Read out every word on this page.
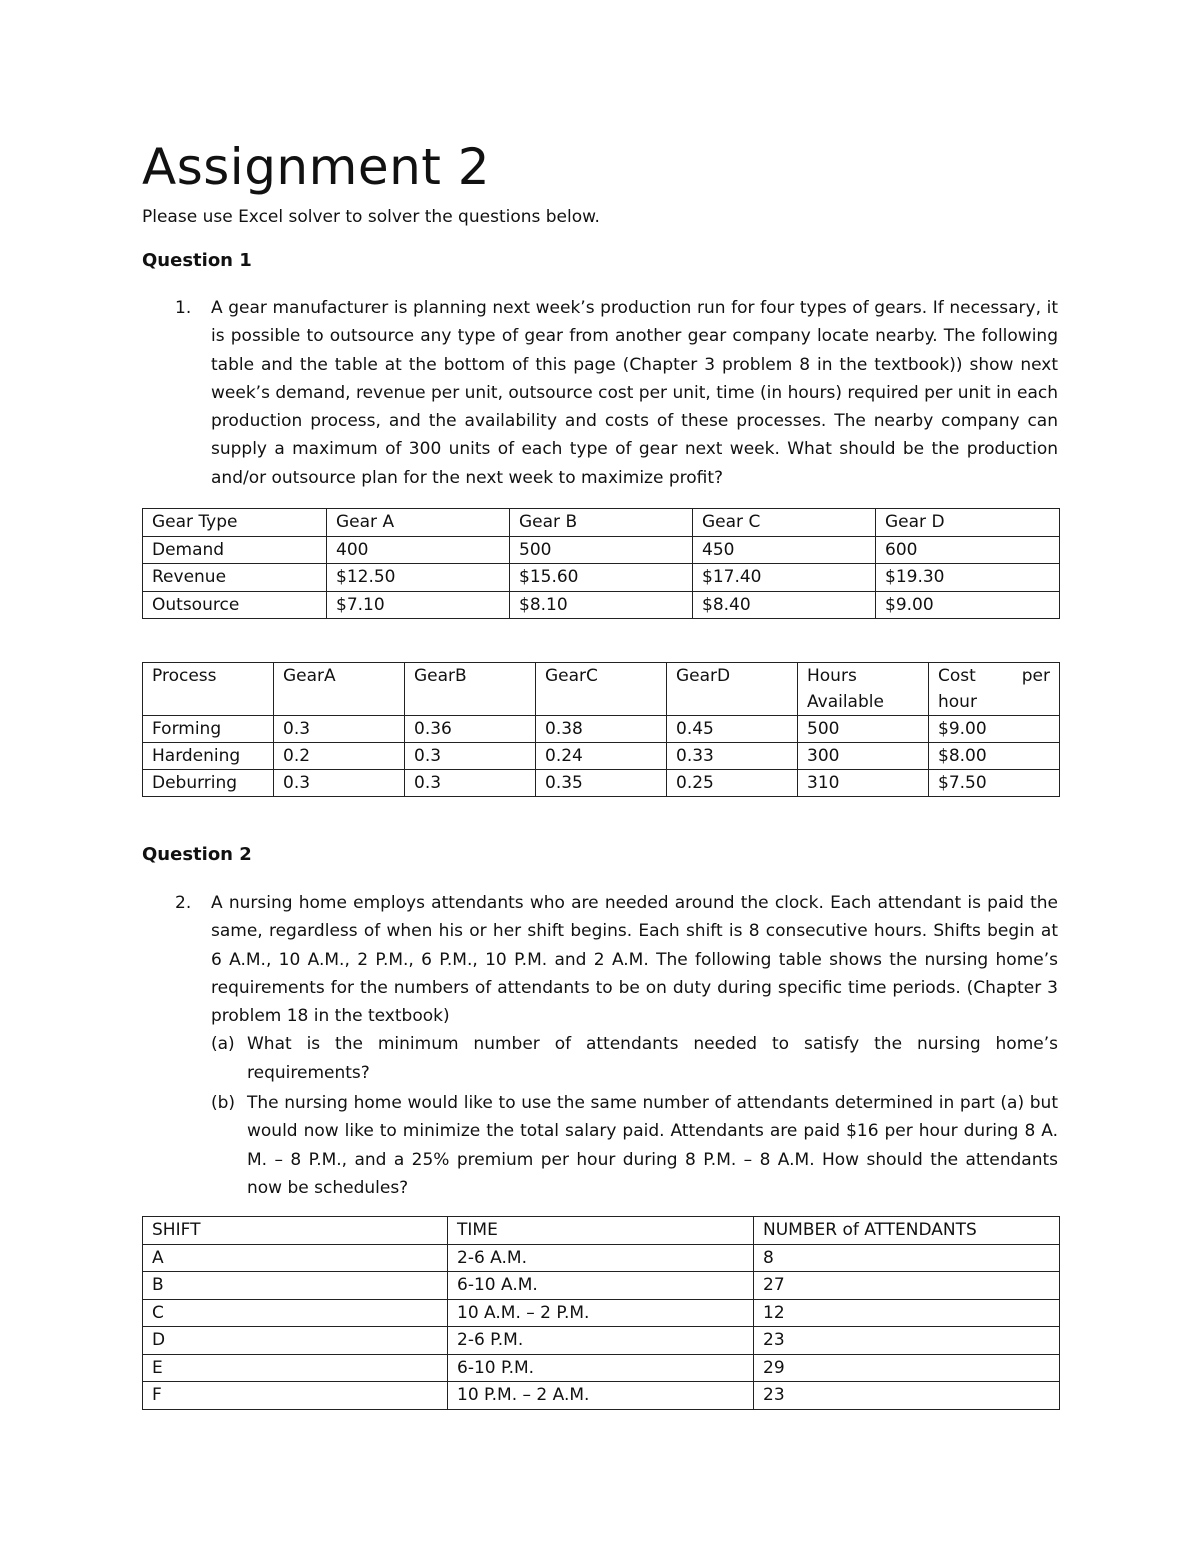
Assignment 2

Please use Excel solver to solver the questions below.

Question 1

1. A gear manufacturer is planning next week’s production run for four types of gears. If necessary, it is possible to outsource any type of gear from another gear company locate nearby. The following table and the table at the bottom of this page (Chapter 3 problem 8 in the textbook)) show next week’s demand, revenue per unit, outsource cost per unit, time (in hours) required per unit in each production process, and the availability and costs of these processes. The nearby company can supply a maximum of 300 units of each type of gear next week. What should be the production and/or outsource plan for the next week to maximize profit?
Gear Type	Gear A	Gear B	Gear C	Gear D
Demand	400	500	450	600
Revenue	$12.50	$15.60	$17.40	$19.30
Outsource	$7.10	$8.10	$8.40	$9.00
Process	GearA	GearB	GearC	GearD	Hours Available	Cost per hour

Forming	0.3	0.36	0.38	0.45	500	$9.00
Hardening	0.2	0.3	0.24	0.33	300	$8.00
Deburring	0.3	0.3	0.35	0.25	310	$7.50

Question 2

2. A nursing home employs attendants who are needed around the clock. Each attendant is paid the same, regardless of when his or her shift begins. Each shift is 8 consecutive hours. Shifts begin at 6 A.M., 10 A.M., 2 P.M., 6 P.M., 10 P.M. and 2 A.M. The following table shows the nursing home’s requirements for the numbers of attendants to be on duty during specific time periods. (Chapter 3 problem 18 in the textbook)
(a) What is the minimum number of attendants needed to satisfy the nursing home’s requirements?
(b) The nursing home would like to use the same number of attendants determined in part (a) but would now like to minimize the total salary paid. Attendants are paid $16 per hour during 8 A. M. – 8 P.M., and a 25% premium per hour during 8 P.M. – 8 A.M. How should the attendants now be schedules?
SHIFT	TIME	NUMBER of ATTENDANTS
A	2-6 A.M.	8
B	6-10 A.M.	27
C	10 A.M. – 2 P.M.	12
D	2-6 P.M.	23
E	6-10 P.M.	29
F	10 P.M. – 2 A.M.	23
